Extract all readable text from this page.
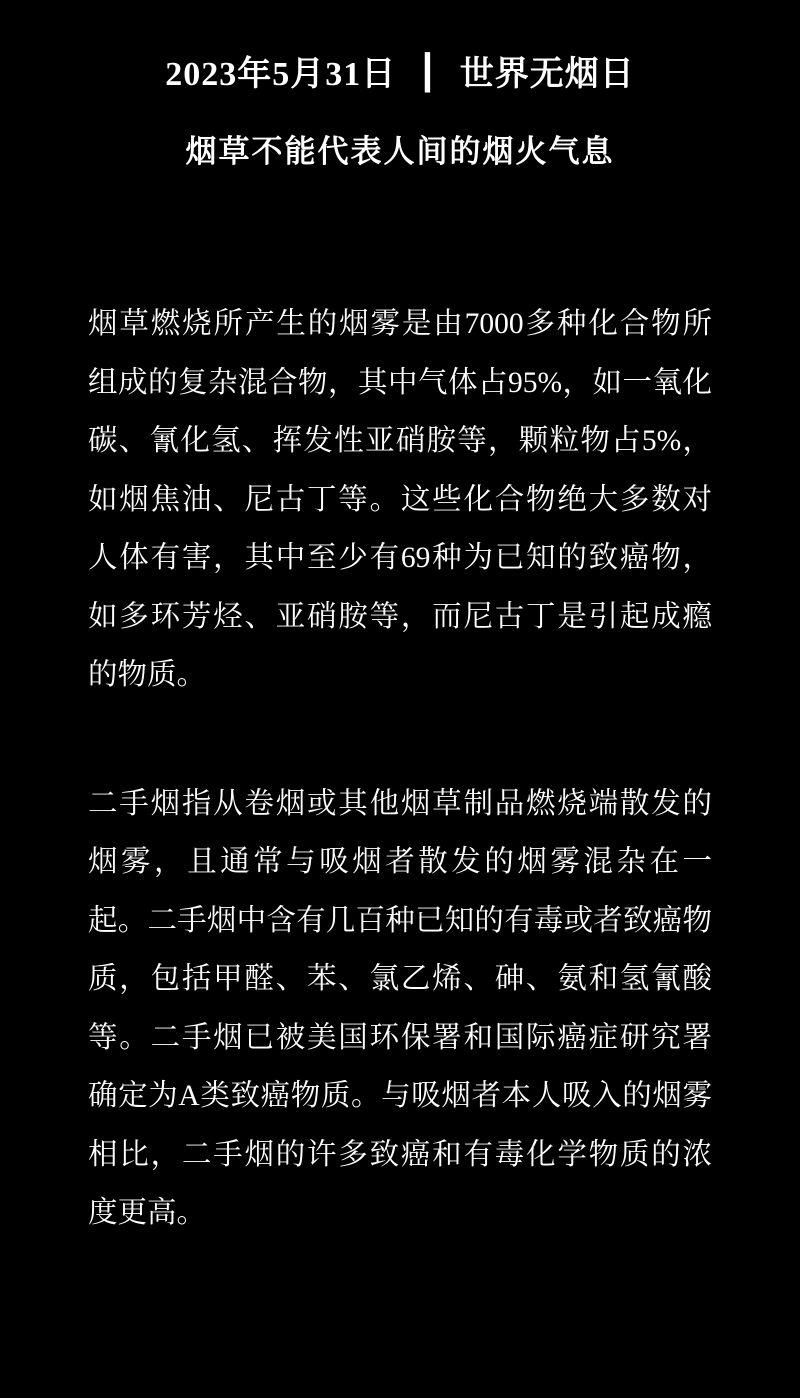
2023年5月31日 ┃ 世界无烟日
烟草不能代表人间的烟火气息
烟草燃烧所产生的烟雾是由7000多种化合物所
组成的复杂混合物，其中气体占95%，如一氧化
碳、氰化氢、挥发性亚硝胺等，颗粒物占5%，
如烟焦油、尼古丁等。这些化合物绝大多数对
人体有害，其中至少有69种为已知的致癌物，
如多环芳烃、亚硝胺等，而尼古丁是引起成瘾
的物质。
二手烟指从卷烟或其他烟草制品燃烧端散发的
烟雾，且通常与吸烟者散发的烟雾混杂在一
起。二手烟中含有几百种已知的有毒或者致癌物
质，包括甲醛、苯、氯乙烯、砷、氨和氢氰酸
等。二手烟已被美国环保署和国际癌症研究署
确定为A类致癌物质。与吸烟者本人吸入的烟雾
相比，二手烟的许多致癌和有毒化学物质的浓
度更高。
